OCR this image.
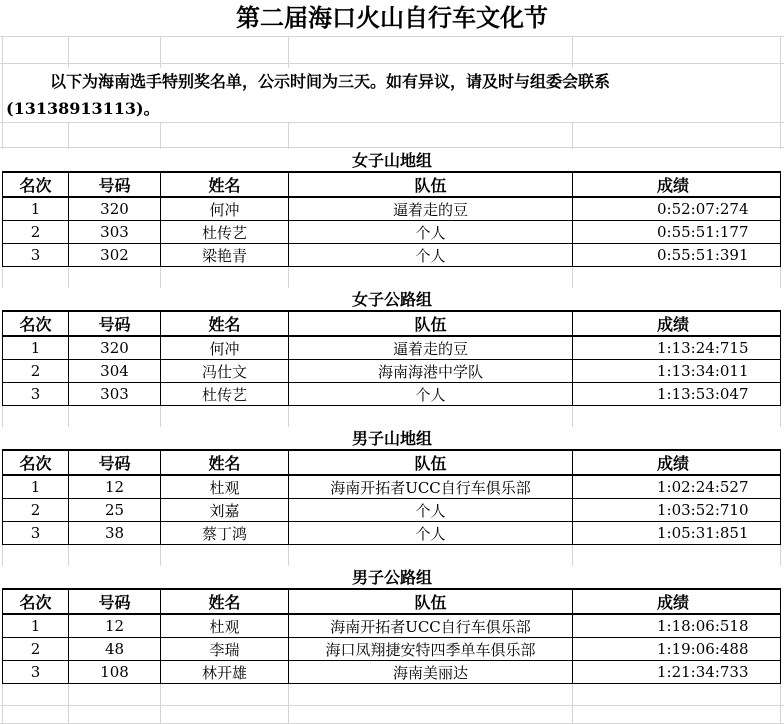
第二届海口火山自行车文化节
以下为海南选手特别奖名单，公示时间为三天。如有异议，请及时与组委会联系
(13138913113)。
女子山地组
名次	号码	姓名	队伍	成绩
1	320	何冲	逼着走的豆	0:52:07:274
2	303	杜传艺	个人	0:55:51:177
3	302	梁艳青	个人	0:55:51:391
女子公路组
名次	号码	姓名	队伍	成绩
1	320	何冲	逼着走的豆	1:13:24:715
2	304	冯仕文	海南海港中学队	1:13:34:011
3	303	杜传艺	个人	1:13:53:047
男子山地组
名次	号码	姓名	队伍	成绩
1	12	杜观	海南开拓者UCC自行车俱乐部	1:02:24:527
2	25	刘嘉	个人	1:03:52:710
3	38	蔡丁鸿	个人	1:05:31:851
男子公路组
名次	号码	姓名	队伍	成绩
1	12	杜观	海南开拓者UCC自行车俱乐部	1:18:06:518
2	48	李瑞	海口凤翔捷安特四季单车俱乐部	1:19:06:488
3	108	林开雄	海南美丽达	1:21:34:733
